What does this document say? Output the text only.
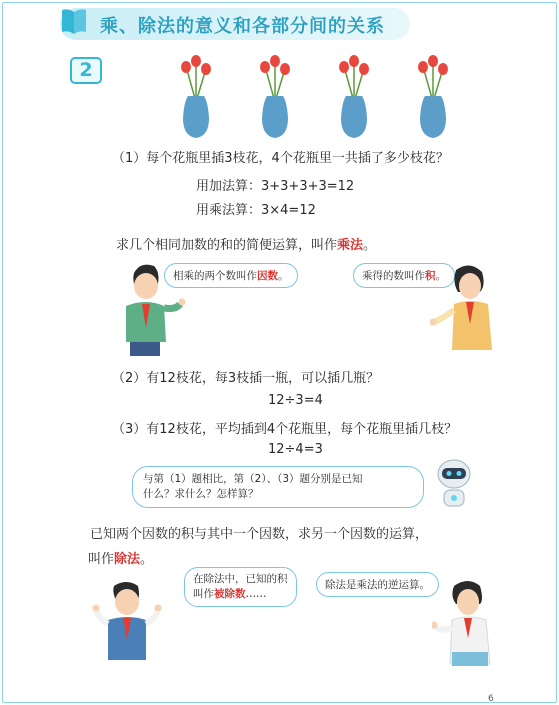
乘、除法的意义和各部分间的关系
2
（1）每个花瓶里插3枝花，4个花瓶里一共插了多少枝花？
用加法算：3+3+3+3=12
用乘法算：3×4=12
求几个相同加数的和的简便运算，叫作乘法。
相乘的两个数叫作因数。	乘得的数叫作积。
（2）有12枝花，每3枝插一瓶，可以插几瓶？
12÷3=4
（3）有12枝花，平均插到4个花瓶里，每个花瓶里插几枝？
12÷4=3
与第（1）题相比，第（2）、（3）题分别是已知
什么？求什么？怎样算？
已知两个因数的积与其中一个因数，求另一个因数的运算，
叫作除法。
在除法中，已知的积
叫作被除数……
除法是乘法的逆运算。
6
